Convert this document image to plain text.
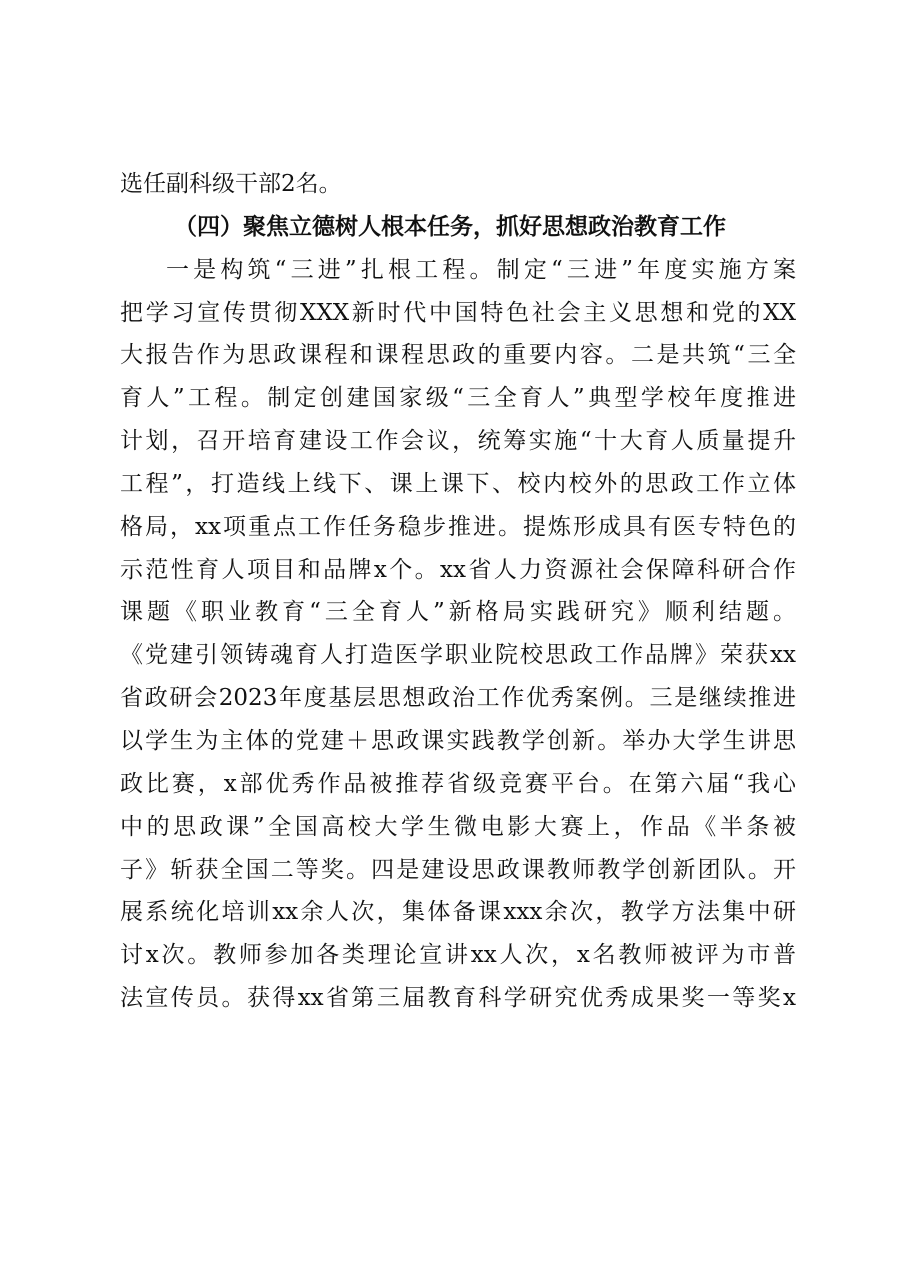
选任副科级干部2名。
（四）聚焦立德树人根本任务，抓好思想政治教育工作
一是构筑“三进”扎根工程。制定“三进”年度实施方案
把学习宣传贯彻XXX新时代中国特色社会主义思想和党的XX
大报告作为思政课程和课程思政的重要内容。二是共筑“三全
育人”工程。制定创建国家级“三全育人”典型学校年度推进
计划，召开培育建设工作会议，统筹实施“十大育人质量提升
工程”，打造线上线下、课上课下、校内校外的思政工作立体
格局，xx项重点工作任务稳步推进。提炼形成具有医专特色的
示范性育人项目和品牌x个。xx省人力资源社会保障科研合作
课题《职业教育“三全育人”新格局实践研究》顺利结题。
《党建引领铸魂育人打造医学职业院校思政工作品牌》荣获xx
省政研会2023年度基层思想政治工作优秀案例。三是继续推进
以学生为主体的党建＋思政课实践教学创新。举办大学生讲思
政比赛，x部优秀作品被推荐省级竞赛平台。在第六届“我心
中的思政课”全国高校大学生微电影大赛上，作品《半条被
子》斩获全国二等奖。四是建设思政课教师教学创新团队。开
展系统化培训xx余人次，集体备课xxx余次，教学方法集中研
讨x次。教师参加各类理论宣讲xx人次，x名教师被评为市普
法宣传员。获得xx省第三届教育科学研究优秀成果奖一等奖x
